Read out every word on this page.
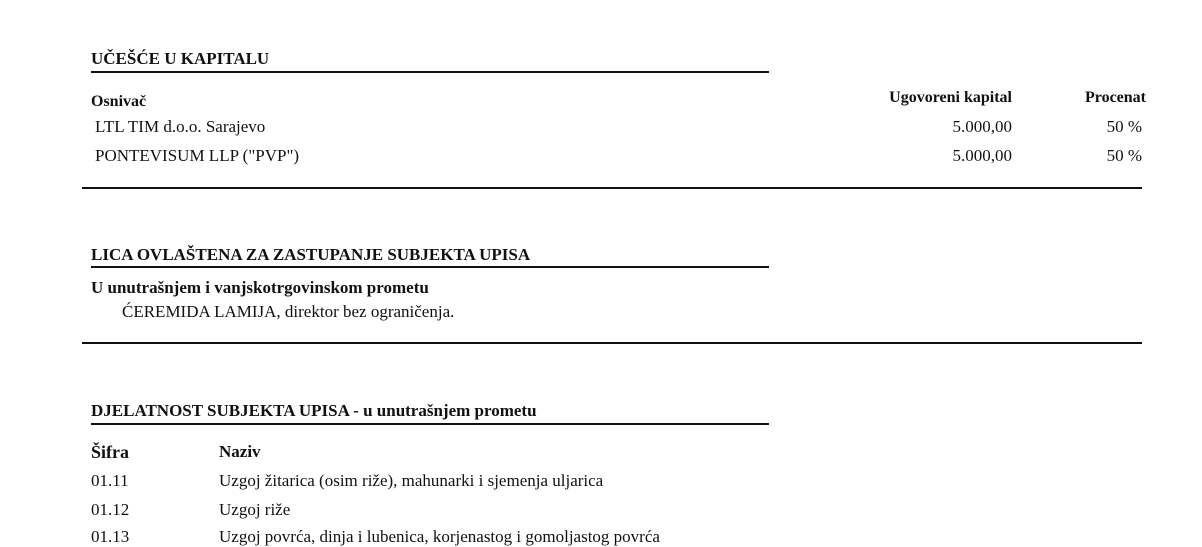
UČEŠĆE U KAPITALU
Osnivač	Ugovoreni kapital	Procenat
LTL TIM d.o.o. Sarajevo	5.000,00	50 %
PONTEVISUM LLP ("PVP")	5.000,00	50 %
LICA OVLAŠTENA ZA ZASTUPANJE SUBJEKTA UPISA
U unutrašnjem i vanjskotrgovinskom prometu
ĆEREMIDA LAMIJA, direktor bez ograničenja.
DJELATNOST SUBJEKTA UPISA - u unutrašnjem prometu
Šifra	Naziv
01.11	Uzgoj žitarica (osim riže), mahunarki i sjemenja uljarica
01.12	Uzgoj riže
01.13	Uzgoj povrća, dinja i lubenica, korjenastog i gomoljastog povrća
